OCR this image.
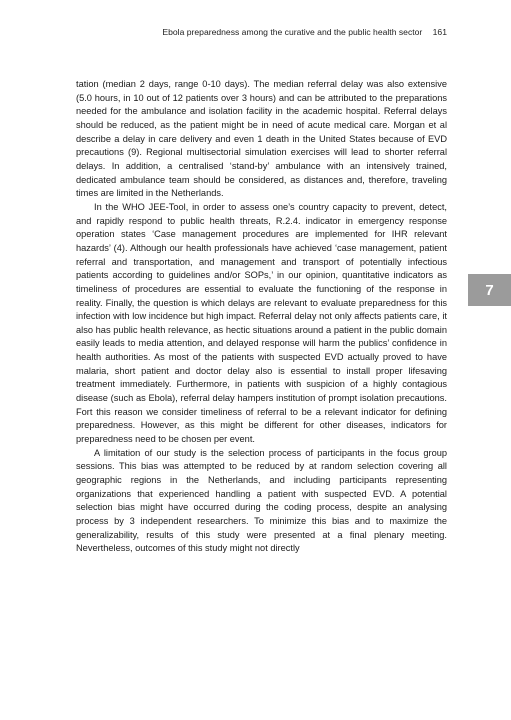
Ebola preparedness among the curative and the public health sector 161
7

tation (median 2 days, range 0-10 days). The median referral delay was also extensive (5.0 hours, in 10 out of 12 patients over 3 hours) and can be attributed to the preparations needed for the ambulance and isolation facility in the academic hospital. Referral delays should be reduced, as the patient might be in need of acute medical care. Morgan et al describe a delay in care delivery and even 1 death in the United States because of EVD precautions (9). Regional multisectorial simulation exercises will lead to shorter referral delays. In addition, a centralised ‘stand-by’ ambulance with an intensively trained, dedicated ambulance team should be considered, as distances and, therefore, traveling times are limited in the Netherlands.

In the WHO JEE-Tool, in order to assess one’s country capacity to prevent, detect, and rapidly respond to public health threats, R.2.4. indicator in emergency response operation states ‘Case management procedures are implemented for IHR relevant hazards’ (4). Although our health professionals have achieved ‘case management, patient referral and transportation, and management and transport of potentially infectious patients according to guidelines and/or SOPs,’ in our opinion, quantitative indicators as timeliness of procedures are essential to evaluate the functioning of the response in reality. Finally, the question is which delays are relevant to evaluate preparedness for this infection with low incidence but high impact. Referral delay not only affects patients care, it also has public health relevance, as hectic situations around a patient in the public domain easily leads to media attention, and delayed response will harm the publics’ confidence in health authorities. As most of the patients with suspected EVD actually proved to have malaria, short patient and doctor delay also is essential to install proper lifesaving treatment immediately. Furthermore, in patients with suspicion of a highly contagious disease (such as Ebola), referral delay hampers institution of prompt isolation precautions. Fort this reason we consider timeliness of referral to be a relevant indicator for defining preparedness. However, as this might be different for other diseases, indicators for preparedness need to be chosen per event.

A limitation of our study is the selection process of participants in the focus group sessions. This bias was attempted to be reduced by at random selection covering all geographic regions in the Netherlands, and including participants representing organizations that experienced handling a patient with suspected EVD. A potential selection bias might have occurred during the coding process, despite an analysing process by 3 independent researchers. To minimize this bias and to maximize the generalizability, results of this study were presented at a final plenary meeting. Nevertheless, outcomes of this study might not directly
